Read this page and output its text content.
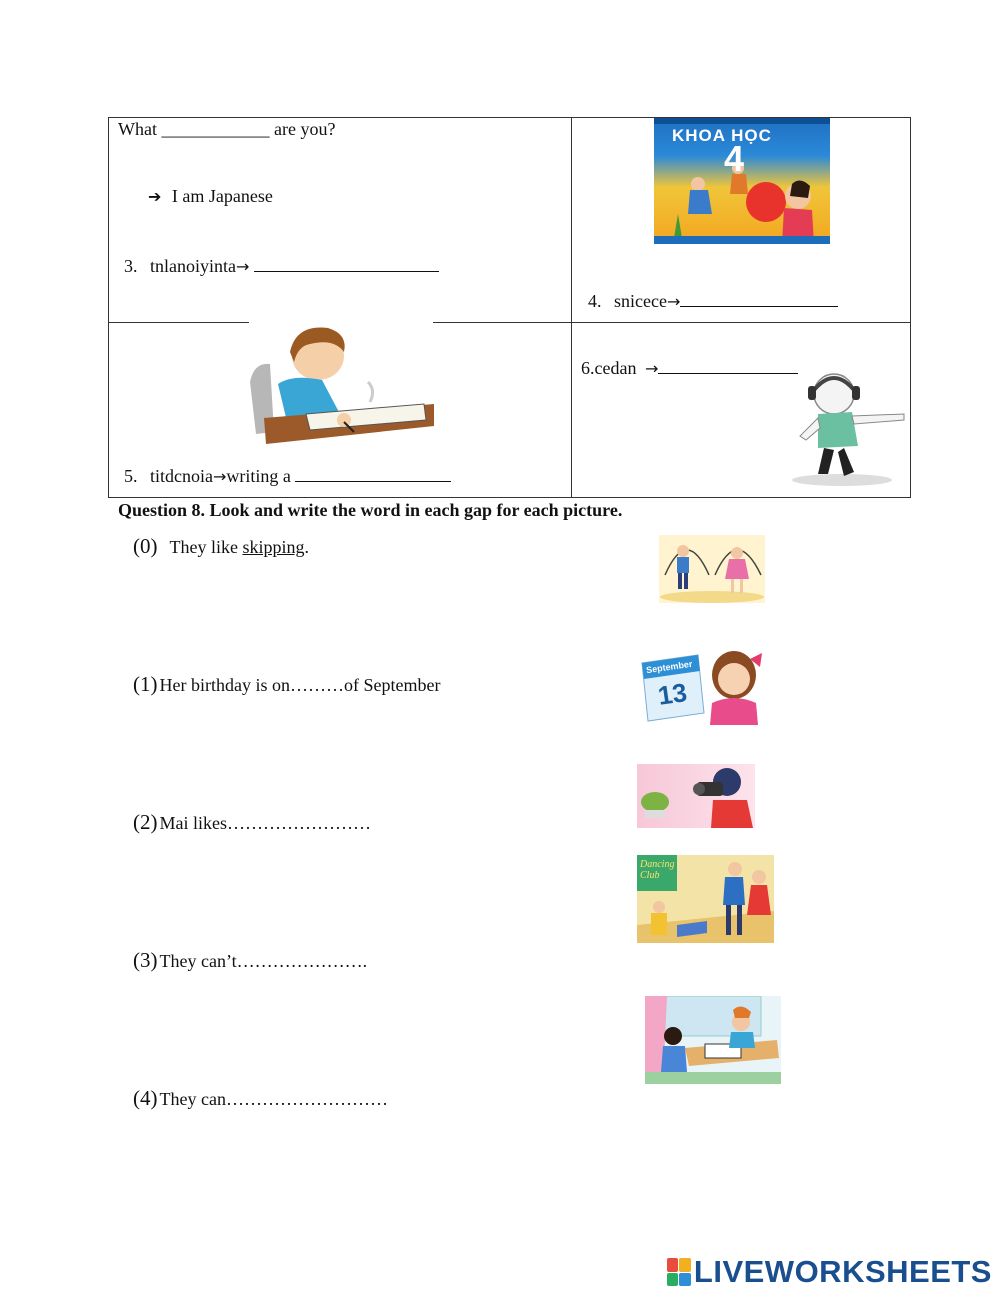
What ____________ are you?
➔ I am Japanese
3. tnlanoiyinta→
KHOA HỌC
4
4. snicece→
5. titdcnoia→writing a
6.cedan →
Question 8. Look and write the word in each gap for each picture.
(0) They like skipping.
(1) Her birthday is on………of September
September
13
(2) Mai likes……………………
Dancing Club
(3) They can’t………………….
(4) They can………………………
LIVEWORKSHEETS
